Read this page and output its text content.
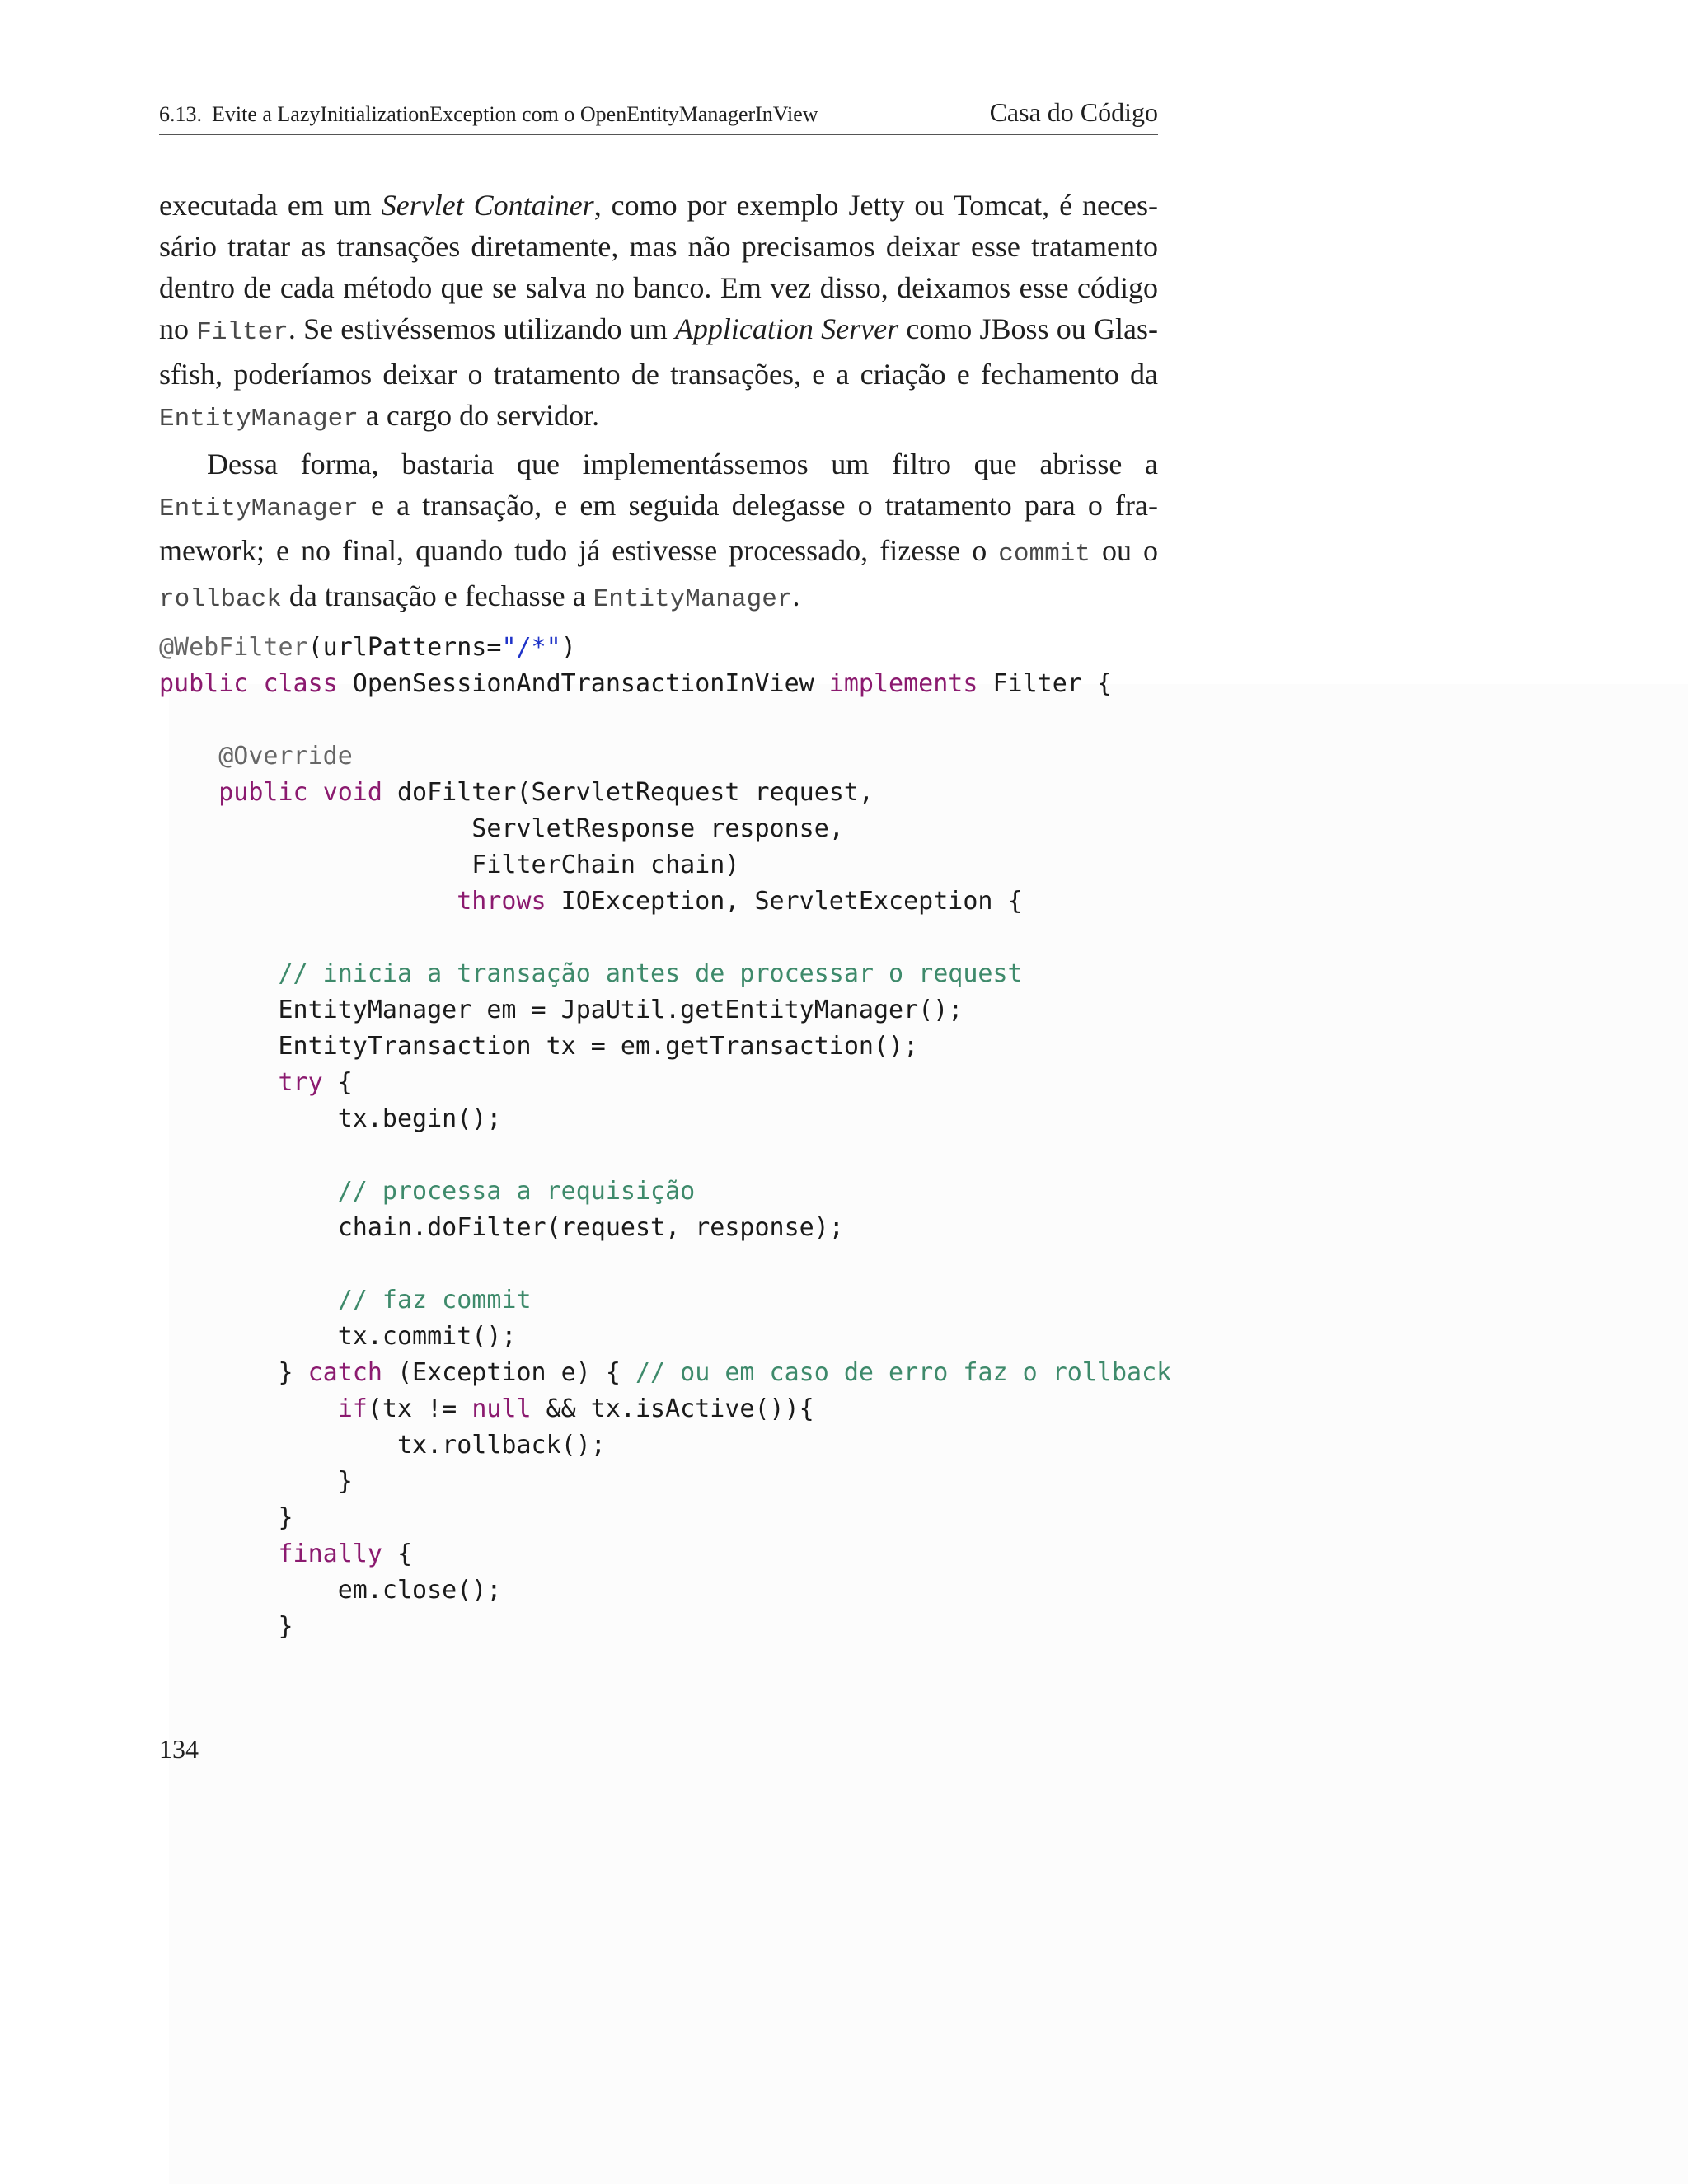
6.13. Evite a LazyInitializationException com o OpenEntityManagerInView	Casa do Código

executada em um Servlet Container, como por exemplo Jetty ou Tomcat, é necessário tratar as transações diretamente, mas não precisamos deixar esse tratamento dentro de cada método que se salva no banco. Em vez disso, deixamos esse código no Filter. Se estivéssemos utilizando um Application Server como JBoss ou Glassfish, poderíamos deixar o tratamento de transações, e a criação e fechamento da EntityManager a cargo do servidor.

Dessa forma, bastaria que implementássemos um filtro que abrisse a EntityManager e a transação, e em seguida delegasse o tratamento para o framework; e no final, quando tudo já estivesse processado, fizesse o commit ou o rollback da transação e fechasse a EntityManager.

@WebFilter(urlPatterns="/*")
public class OpenSessionAndTransactionInView implements Filter {
@Override
public void doFilter(ServletRequest request,
ServletResponse response,
FilterChain chain)
throws IOException, ServletException {
// inicia a transação antes de processar o request
EntityManager em = JpaUtil.getEntityManager();
EntityTransaction tx = em.getTransaction();
try {
tx.begin();
// processa a requisição
chain.doFilter(request, response);
// faz commit
tx.commit();
} catch (Exception e) { // ou em caso de erro faz o rollback
if(tx != null && tx.isActive()){
tx.rollback();
}
}
finally {
em.close();
}
134
